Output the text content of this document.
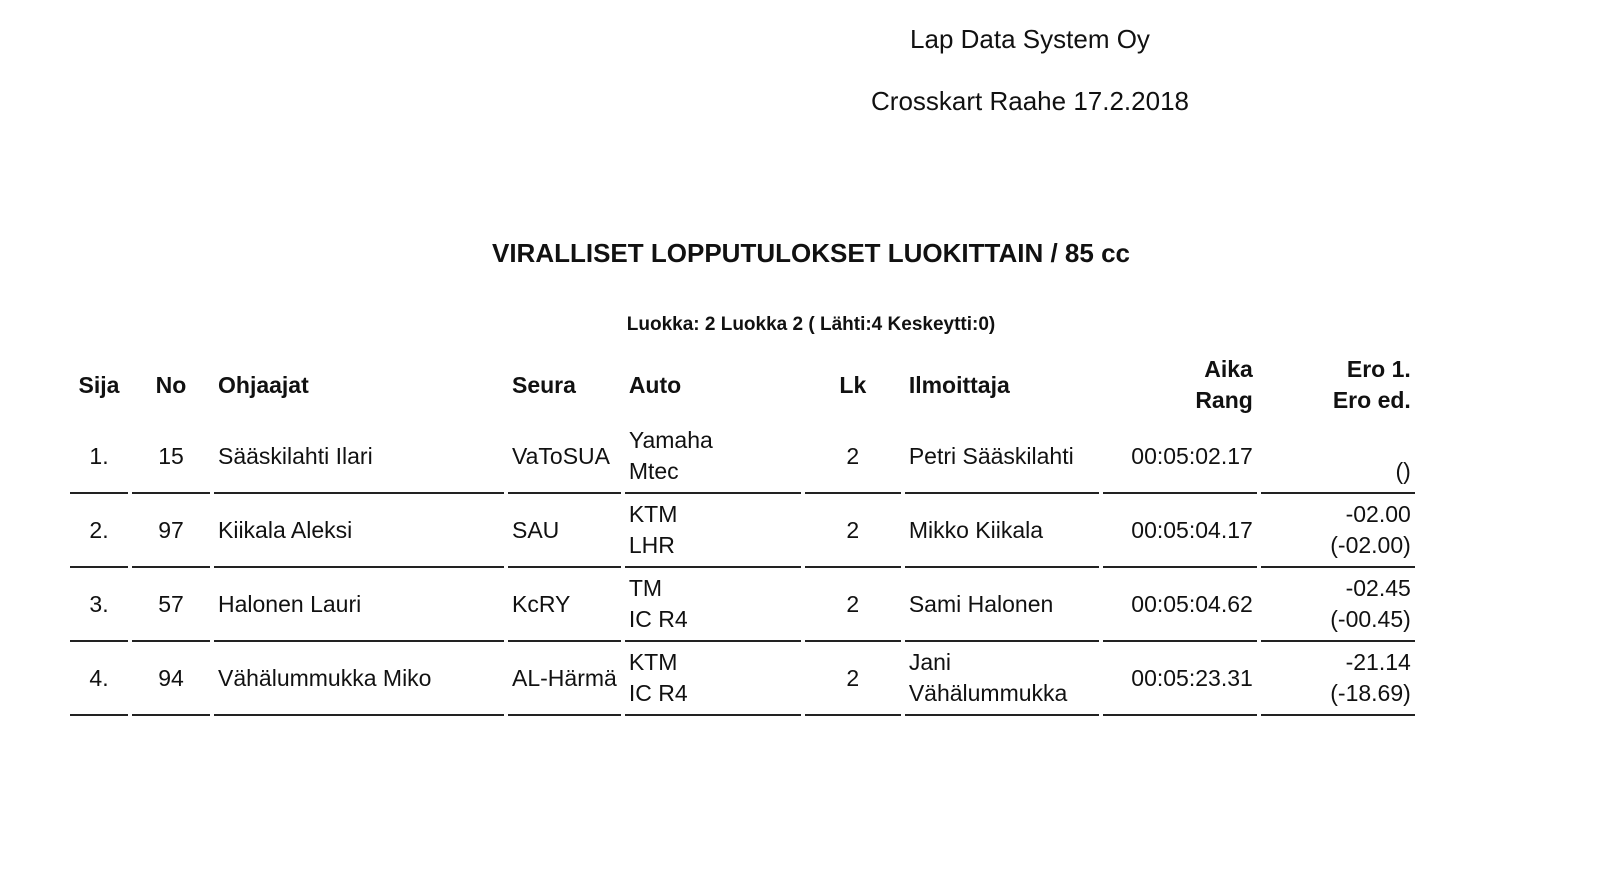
Lap Data System Oy
Crosskart Raahe 17.2.2018
VIRALLISET LOPPUTULOKSET LUOKITTAIN / 85 cc
Luokka: 2 Luokka 2 ( Lähti:4 Keskeytti:0)
Sija	No	Ohjaajat	Seura	Auto	Lk	Ilmoittaja	Aika
Rang	Ero 1.
Ero ed.

1.	15	Sääskilahti Ilari	VaToSUA	Yamaha
Mtec	2	Petri Sääskilahti	00:05:02.17	()

2.	97	Kiikala Aleksi	SAU	KTM
LHR	2	Mikko Kiikala	00:05:04.17	-02.00
(-02.00)

3.	57	Halonen Lauri	KcRY	TM
IC R4	2	Sami Halonen	00:05:04.62	-02.45
(-00.45)

4.	94	Vähälummukka Miko	AL-Härmä	KTM
IC R4	2	Jani
Vähälummukka	00:05:23.31	-21.14
(-18.69)
